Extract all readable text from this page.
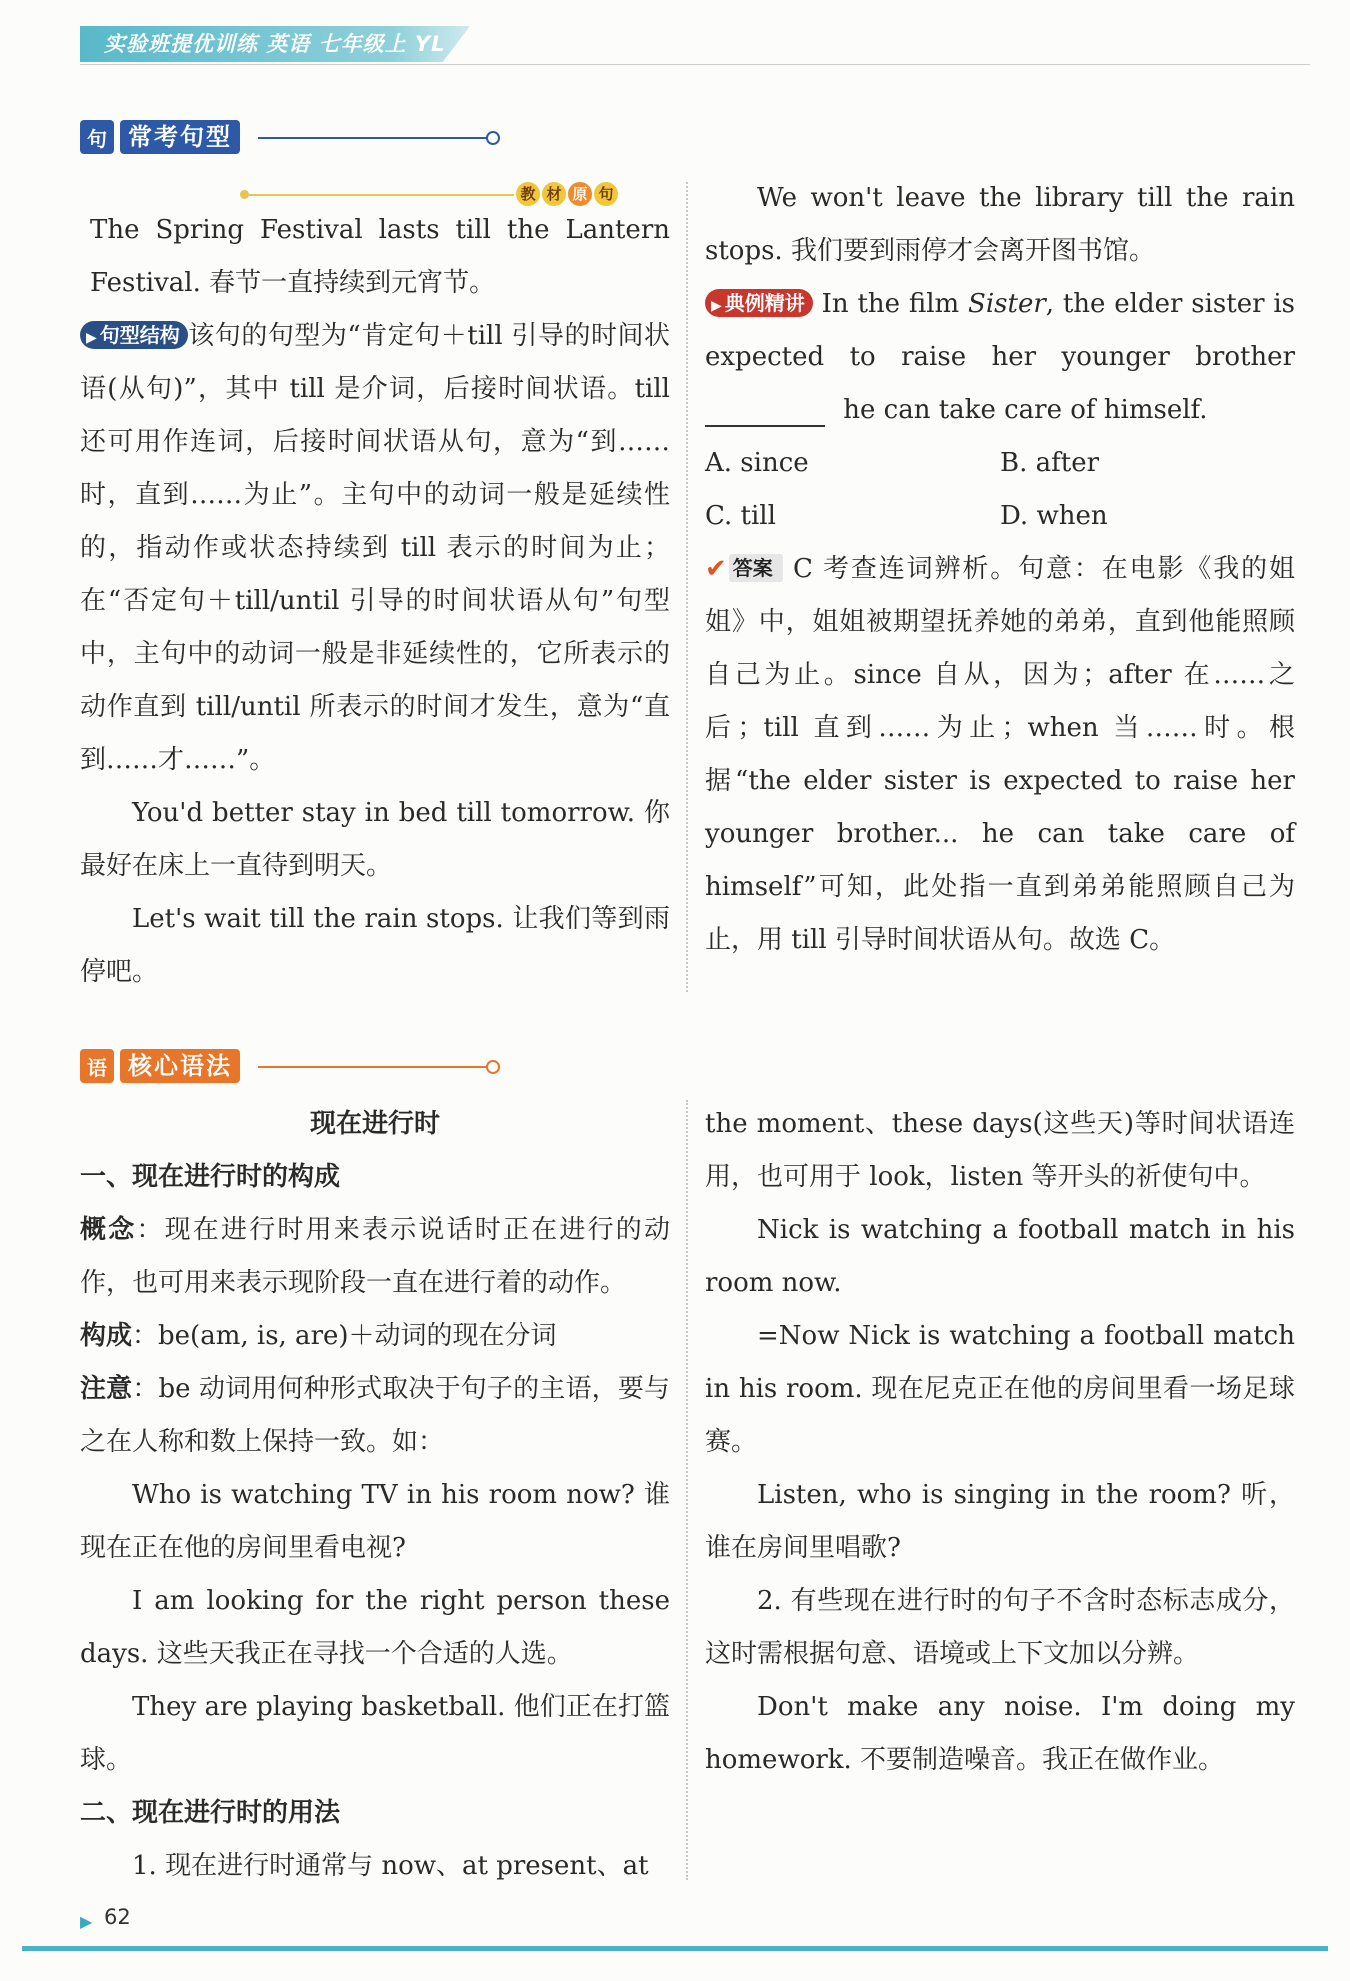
实验班提优训练 英语 七年级上 YL
句 常考句型
教 材 原 句

The Spring Festival lasts till the Lantern Festival. 春节一直持续到元宵节。

▶ 句型结构 该句的句型为“肯定句＋till 引导的时间状语(从句)”，其中 till 是介词，后接时间状语。till 还可用作连词，后接时间状语从句，意为“到……时，直到……为止”。主句中的动词一般是延续性的，指动作或状态持续到 till 表示的时间为止；在“否定句＋till/until 引导的时间状语从句”句型中，主句中的动词一般是非延续性的，它所表示的动作直到 till/until 所表示的时间才发生，意为“直到……才……”。

You'd better stay in bed till tomorrow. 你最好在床上一直待到明天。

Let's wait till the rain stops. 让我们等到雨停吧。

We won't leave the library till the rain stops. 我们要到雨停才会离开图书馆。

▶ 典例精讲 In the film Sister, the elder sister is expected to raise her younger brother  he can take care of himself.

A. since	B. after
C. till	D. when

✔ 答案 C 考查连词辨析。句意：在电影《我的姐姐》中，姐姐被期望抚养她的弟弟，直到他能照顾自己为止。since 自从，因为；after 在……之后；till 直到……为止；when 当……时。根据“the elder sister is expected to raise her younger brother... he can take care of himself”可知，此处指一直到弟弟能照顾自己为止，用 till 引导时间状语从句。故选 C。

语 核心语法

现在进行时

一、现在进行时的构成

概念：现在进行时用来表示说话时正在进行的动作，也可用来表示现阶段一直在进行着的动作。

构成：be(am, is, are)＋动词的现在分词

注意：be 动词用何种形式取决于句子的主语，要与之在人称和数上保持一致。如：

Who is watching TV in his room now? 谁现在正在他的房间里看电视?

I am looking for the right person these days. 这些天我正在寻找一个合适的人选。

They are playing basketball. 他们正在打篮球。

二、现在进行时的用法

1. 现在进行时通常与 now、at present、at

the moment、these days(这些天)等时间状语连用，也可用于 look，listen 等开头的祈使句中。

Nick is watching a football match in his room now.

=Now Nick is watching a football match in his room. 现在尼克正在他的房间里看一场足球赛。

Listen, who is singing in the room? 听，谁在房间里唱歌?

2. 有些现在进行时的句子不含时态标志成分，这时需根据句意、语境或上下文加以分辨。

Don't make any noise. I'm doing my homework. 不要制造噪音。我正在做作业。

▶ 62
